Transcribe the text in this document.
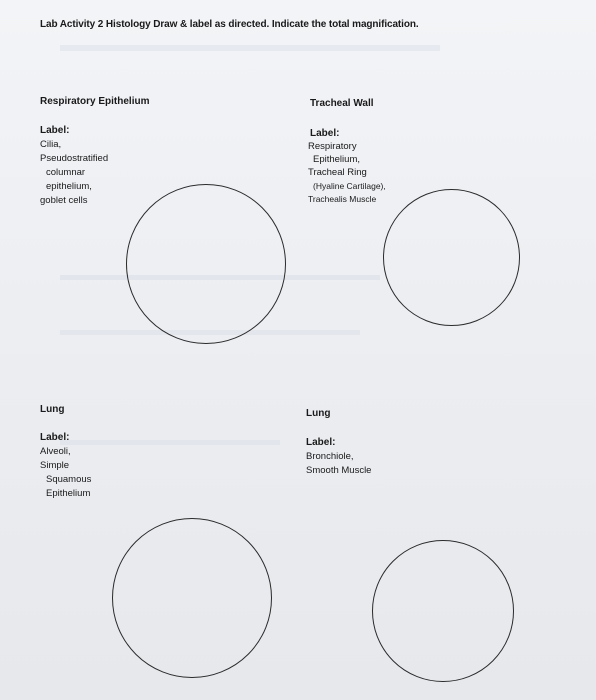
Lab Activity 2 Histology Draw & label as directed. Indicate the total magnification.
Respiratory Epithelium
Label:
Cilia,
Pseudostratified
columnar
epithelium,
goblet cells
Tracheal Wall
Label:
Respiratory
Epithelium,
Tracheal Ring
(Hyaline Cartilage),
Trachealis Muscle
Lung
Label:
Alveoli,
Simple
Squamous
Epithelium
Lung
Label:
Bronchiole,
Smooth Muscle
